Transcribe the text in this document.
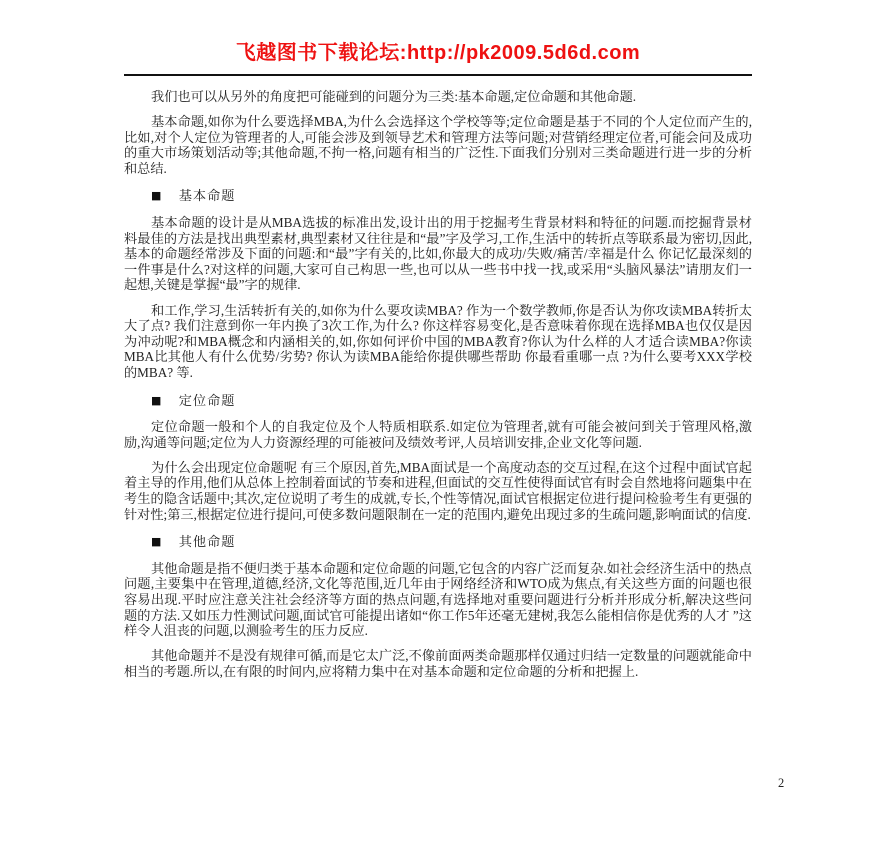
飞越图书下载论坛:http://pk2009.5d6d.com

我们也可以从另外的角度把可能碰到的问题分为三类:基本命题,定位命题和其他命题.

基本命题,如你为什么要选择MBA,为什么会选择这个学校等等;定位命题是基于不同的个人定位而产生的,比如,对个人定位为管理者的人,可能会涉及到领导艺术和管理方法等问题;对营销经理定位者,可能会问及成功的重大市场策划活动等;其他命题,不拘一格,问题有相当的广泛性.下面我们分别对三类命题进行进一步的分析和总结.

■ 基本命题

基本命题的设计是从MBA选拔的标准出发,设计出的用于挖掘考生背景材料和特征的问题.而挖掘背景材料最佳的方法是找出典型素材,典型素材又往往是和“最”字及学习,工作,生活中的转折点等联系最为密切,因此,基本的命题经常涉及下面的问题:和“最”字有关的,比如,你最大的成功/失败/痛苦/幸福是什么 你记忆最深刻的一件事是什么?对这样的问题,大家可自己构思一些,也可以从一些书中找一找,或采用“头脑风暴法”请朋友们一起想,关键是掌握“最”字的规律.

和工作,学习,生活转折有关的,如你为什么要攻读MBA? 作为一个数学教师,你是否认为你攻读MBA转折太大了点? 我们注意到你一年内换了3次工作,为什么? 你这样容易变化,是否意味着你现在选择MBA也仅仅是因为冲动呢?和MBA概念和内涵相关的,如,你如何评价中国的MBA教育?你认为什么样的人才适合读MBA?你读MBA比其他人有什么优势/劣势? 你认为读MBA能给你提供哪些帮助 你最看重哪一点 ?为什么要考XXX学校的MBA? 等.

■ 定位命题

定位命题一般和个人的自我定位及个人特质相联系.如定位为管理者,就有可能会被问到关于管理风格,激励,沟通等问题;定位为人力资源经理的可能被问及绩效考评,人员培训安排,企业文化等问题.

为什么会出现定位命题呢 有三个原因,首先,MBA面试是一个高度动态的交互过程,在这个过程中面试官起着主导的作用,他们从总体上控制着面试的节奏和进程,但面试的交互性使得面试官有时会自然地将问题集中在考生的隐含话题中;其次,定位说明了考生的成就,专长,个性等情况,面试官根据定位进行提问检验考生有更强的针对性;第三,根据定位进行提问,可使多数问题限制在一定的范围内,避免出现过多的生疏问题,影响面试的信度.

■ 其他命题

其他命题是指不便归类于基本命题和定位命题的问题,它包含的内容广泛而复杂.如社会经济生活中的热点问题,主要集中在管理,道德,经济,文化等范围,近几年由于网络经济和WTO成为焦点,有关这些方面的问题也很容易出现.平时应注意关注社会经济等方面的热点问题,有选择地对重要问题进行分析并形成分析,解决这些问题的方法.又如压力性测试问题,面试官可能提出诸如“你工作5年还毫无建树,我怎么能相信你是优秀的人才 ”这样令人沮丧的问题,以测验考生的压力反应.

其他命题并不是没有规律可循,而是它太广泛,不像前面两类命题那样仅通过归结一定数量的问题就能命中相当的考题.所以,在有限的时间内,应将精力集中在对基本命题和定位命题的分析和把握上.

2
